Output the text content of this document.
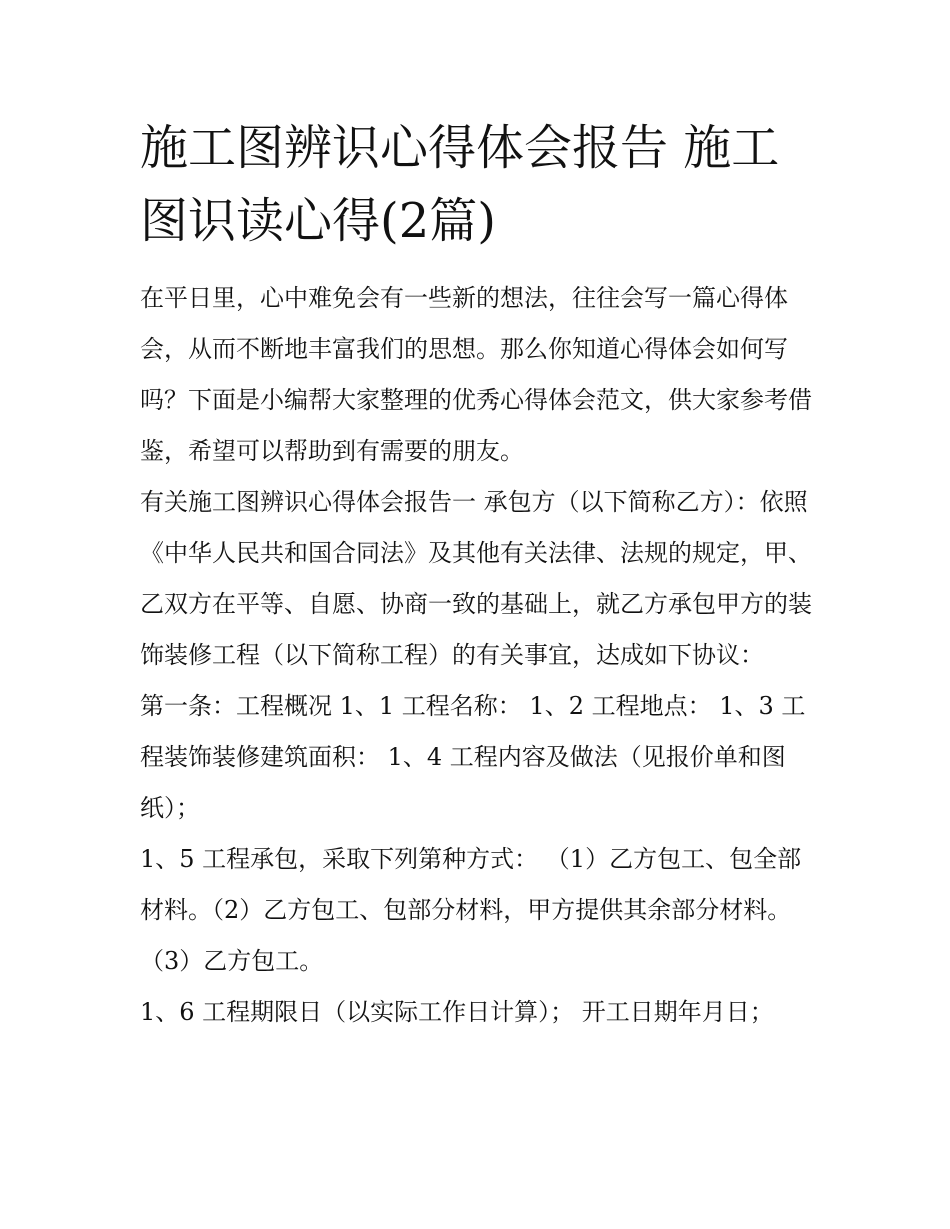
施工图辨识心得体会报告 施工图识读心得(2篇)

在平日里，心中难免会有一些新的想法，往往会写一篇心得体会，从而不断地丰富我们的思想。那么你知道心得体会如何写吗？下面是小编帮大家整理的优秀心得体会范文，供大家参考借鉴，希望可以帮助到有需要的朋友。

有关施工图辨识心得体会报告一 承包方（以下简称乙方）：依照《中华人民共和国合同法》及其他有关法律、法规的规定，甲、乙双方在平等、自愿、协商一致的基础上，就乙方承包甲方的装饰装修工程（以下简称工程）的有关事宜，达成如下协议：

第一条：工程概况 1、1 工程名称： 1、2 工程地点： 1、3 工程装饰装修建筑面积： 1、4 工程内容及做法（见报价单和图纸）；

1、5 工程承包，采取下列第种方式： （1）乙方包工、包全部材料。（2）乙方包工、包部分材料，甲方提供其余部分材料。（3）乙方包工。

1、6 工程期限日（以实际工作日计算）； 开工日期年月日；
